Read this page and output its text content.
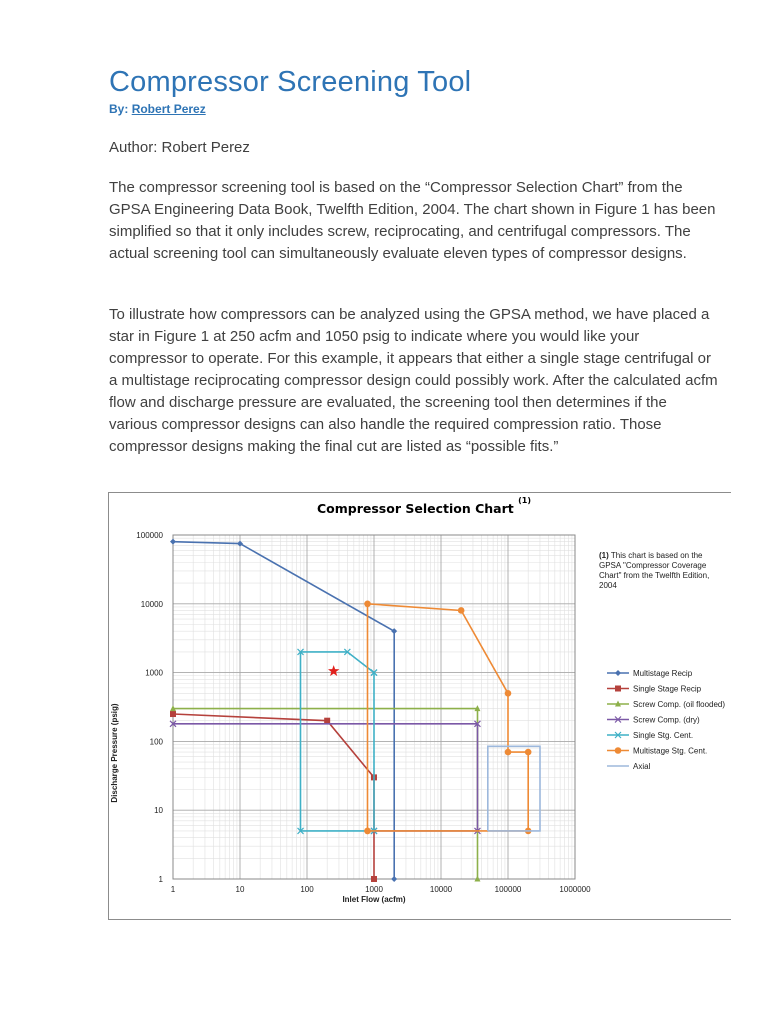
Compressor Screening Tool
By: Robert Perez
Author: Robert Perez

The compressor screening tool is based on the “Compressor Selection Chart” from the GPSA Engineering Data Book, Twelfth Edition, 2004. The chart shown in Figure 1 has been simplified so that it only includes screw, reciprocating, and centrifugal compressors. The actual screening tool can simultaneously evaluate eleven types of compressor designs.

To illustrate how compressors can be analyzed using the GPSA method, we have placed a star in Figure 1 at 250 acfm and 1050 psig to indicate where you would like your compressor to operate. For this example, it appears that either a single stage centrifugal or a multistage reciprocating compressor design could possibly work. After the calculated acfm flow and discharge pressure are evaluated, the screening tool then determines if the various compressor designs can also handle the required compression ratio. Those compressor designs making the final cut are listed as “possible fits.”

Compressor Selection Chart $^{(1)}$
(1) This chart is based on the GPSA "Compressor Coverage Chart" from the Twelfth Edition, 2004
Discharge Pressure (psig)
Inlet Flow (acfm)
1	10	100	1000	10000	100000	1000000
1
10
100
1000
10000
100000
Multistage Recip
Single Stage Recip
Screw Comp. (oil flooded)
Screw Comp. (dry)
Single Stg. Cent.
Multistage Stg. Cent.
Axial
